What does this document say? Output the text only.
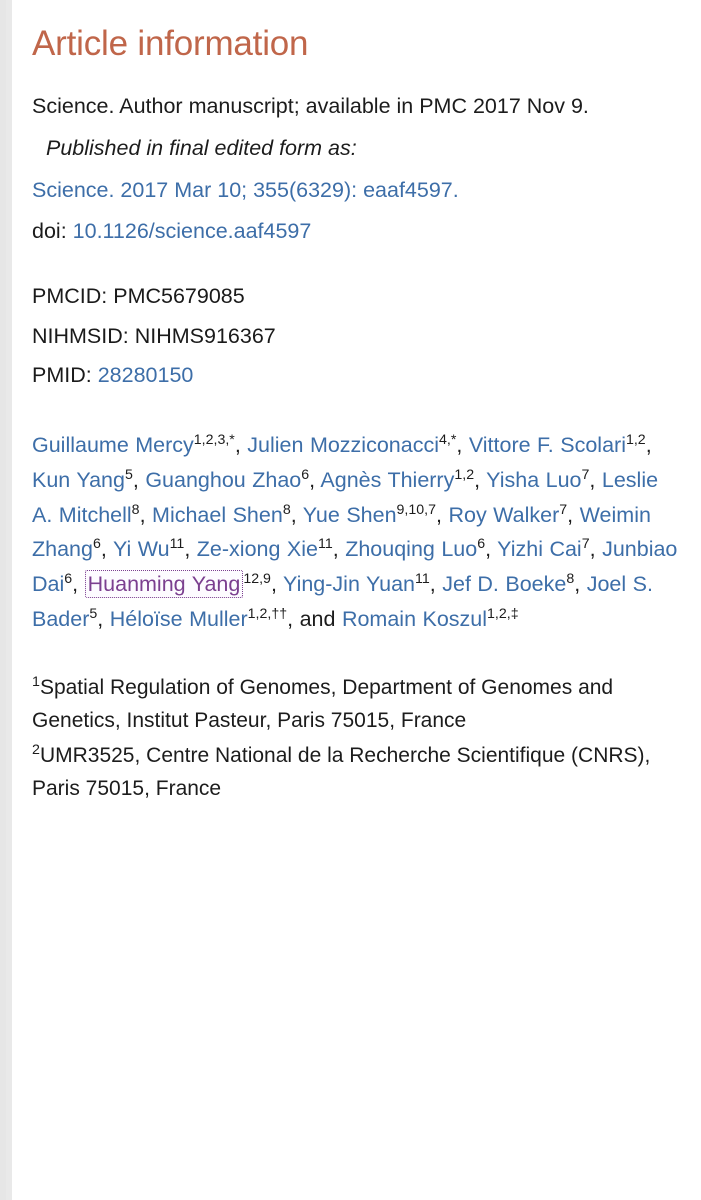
Article information

Science. Author manuscript; available in PMC 2017 Nov 9.

Published in final edited form as:

Science. 2017 Mar 10; 355(6329): eaaf4597.

doi: 10.1126/science.aaf4597

PMCID: PMC5679085

NIHMSID: NIHMS916367

PMID: 28280150

Guillaume Mercy$^{1,2,3,*}$, Julien Mozziconacci$^{4,*}$, Vittore F. Scolari$^{1,2}$, Kun Yang$^5$, Guanghou Zhao$^6$, Agnès Thierry$^{1,2}$, Yisha Luo$^7$, Leslie A. Mitchell$^8$, Michael Shen$^8$, Yue Shen$^{9,10,7}$, Roy Walker$^7$, Weimin Zhang$^6$, Yi Wu$^{11}$, Ze-xiong Xie$^{11}$, Zhouqing Luo$^6$, Yizhi Cai$^7$, Junbiao Dai$^6$, Huanming Yang $^{12,9}$, Ying-Jin Yuan$^{11}$, Jef D. Boeke$^8$, Joel S. Bader$^5$, Héloïse Muller$^{1,2,\dagger\dagger}$, and Romain Koszul$^{1,2,\ddagger}$

$^1$Spatial Regulation of Genomes, Department of Genomes and Genetics, Institut Pasteur, Paris 75015, France

$^2$UMR3525, Centre National de la Recherche Scientifique (CNRS), Paris 75015, France
